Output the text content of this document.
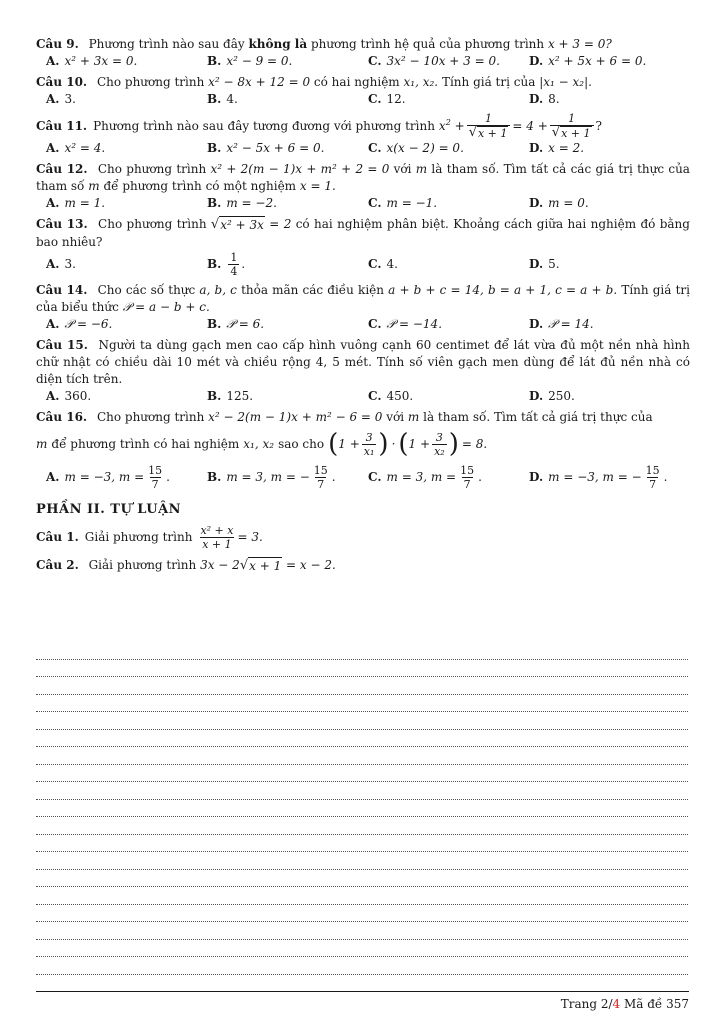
Câu 9. Phương trình nào sau đây không là phương trình hệ quả của phương trình x + 3 = 0?
A. x² + 3x = 0.	B. x² − 9 = 0.	C. 3x² − 10x + 3 = 0. D. x² + 5x + 6 = 0.
Câu 10. Cho phương trình x² − 8x + 12 = 0 có hai nghiệm x₁, x₂. Tính giá trị của |x₁ − x₂|.
A. 3.	B. 4.	C. 12.	D. 8.
Câu 11. Phương trình nào sau đây tương đương với phương trình $x^2 + \frac{1}{√ x + 1} = 4 + \frac{1}{√ x + 1}$ ?
A. x² = 4.	B. x² − 5x + 6 = 0.	C. x(x − 2) = 0.	D. x = 2.
Câu 12. Cho phương trình x² + 2(m − 1)x + m² + 2 = 0 với m là tham số. Tìm tất cả các giá trị thực của tham số m để phương trình có một nghiệm x = 1.
A. m = 1.	B. m = −2.	C. m = −1.	D. m = 0.
Câu 13. Cho phương trình √ x² + 3x = 2 có hai nghiệm phân biệt. Khoảng cách giữa hai nghiệm đó bằng bao nhiêu?
A. 3.	B. $\frac{1}{4}$ .	C. 4.	D. 5.
Câu 14. Cho các số thực a, b, c thỏa mãn các điều kiện a + b + c = 14, b = a + 1, c = a + b. Tính giá trị của biểu thức 𝒫 = a − b + c.
A. 𝒫 = −6.	B. 𝒫 = 6.	C. 𝒫 = −14.	D. 𝒫 = 14.
Câu 15. Người ta dùng gạch men cao cấp hình vuông cạnh 60 centimet để lát vừa đủ một nền nhà hình chữ nhật có chiều dài 10 mét và chiều rộng 4, 5 mét. Tính số viên gạch men dùng để lát đủ nền nhà có diện tích trên.
A. 360.	B. 125.	C. 450.	D. 250.
Câu 16. Cho phương trình x² − 2(m − 1)x + m² − 6 = 0 với m là tham số. Tìm tất cả giá trị thực của
m để phương trình có hai nghiệm x₁, x₂ sao cho ( $1 + \frac{3}{\text{x₁}}$ ) · ( $1 + \frac{3}{\text{x₂}}$ ) = 8.
A. m = −3, $m = \frac{15}{7}$ .	B. m = 3, m = − $\frac{15}{7}$ .	C. m = 3, $m = \frac{15}{7}$ .	D. m = −3, m = − $\frac{15}{7}$ .
PHẦN II. TỰ LUẬN
Câu 1. Giải phương trình $\frac{\text{x² + x}}{x + 1} = 3$.
Câu 2. Giải phương trình 3x − 2 √ x + 1 = x − 2.
Trang 2/4 Mã đề 357
